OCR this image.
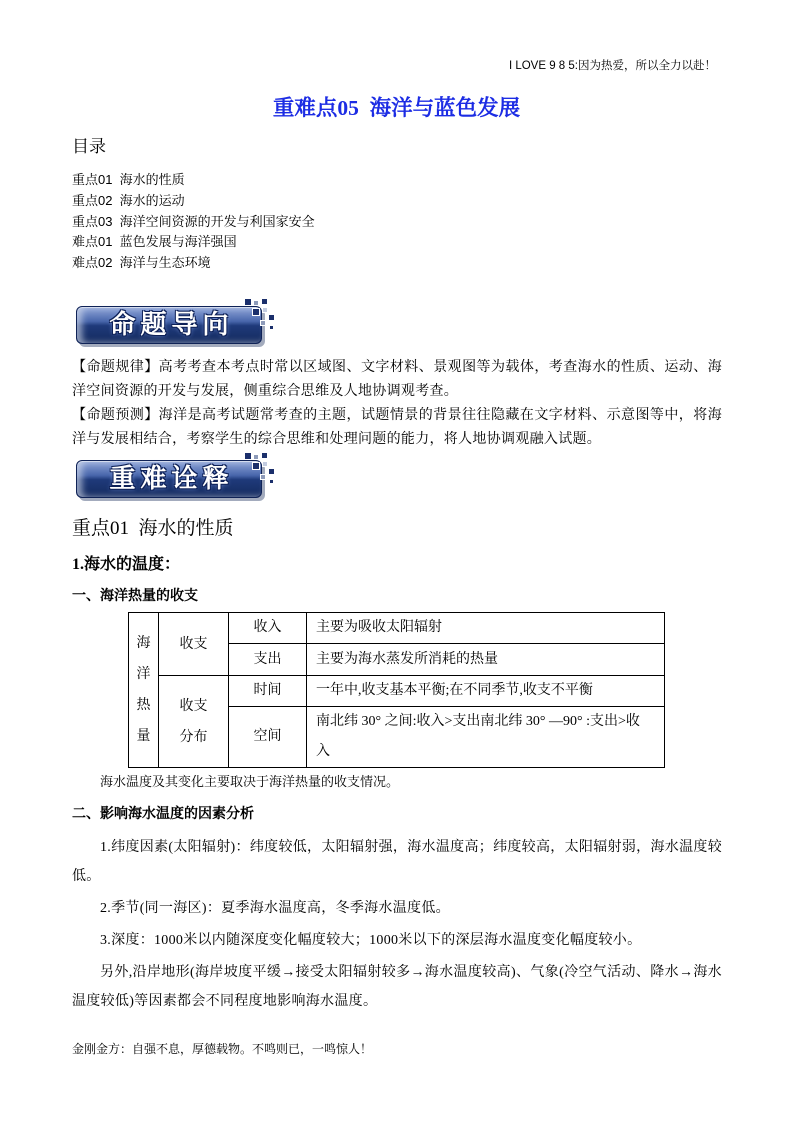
I LOVE 9 8 5:因为热爱，所以全力以赴！
重难点05  海洋与蓝色发展
目录
重点01  海水的性质
重点02  海水的运动
重点03  海洋空间资源的开发与利国家安全
难点01  蓝色发展与海洋强国
难点02  海洋与生态环境
命题导向

【命题规律】高考考查本考点时常以区域图、文字材料、景观图等为载体，考查海水的性质、运动、海洋空间资源的开发与发展，侧重综合思维及人地协调观考查。

【命题预测】海洋是高考试题常考查的主题，试题情景的背景往往隐藏在文字材料、示意图等中，将海洋与发展相结合，考察学生的综合思维和处理问题的能力，将人地协调观融入试题。

重难诠释
重点01  海水的性质
1.海水的温度：
一、海洋热量的收支
海洋热量	收支	收入	主要为吸收太阳辐射
		支出	主要为海水蒸发所消耗的热量

	收支分布	时间	一年中,收支基本平衡;在不同季节,收支不平衡
		空间	南北纬 30° 之间:收入>支出南北纬 30° —90° :支出>收入
海水温度及其变化主要取决于海洋热量的收支情况。
二、影响海水温度的因素分析

1.纬度因素(太阳辐射)：纬度较低，太阳辐射强，海水温度高；纬度较高，太阳辐射弱，海水温度较低。

2.季节(同一海区)：夏季海水温度高，冬季海水温度低。

3.深度：1000米以内随深度变化幅度较大；1000米以下的深层海水温度变化幅度较小。

另外,沿岸地形(海岸坡度平缓→接受太阳辐射较多→海水温度较高)、气象(冷空气活动、降水→海水温度较低)等因素都会不同程度地影响海水温度。

金刚金方：自强不息，厚德载物。不鸣则已，一鸣惊人！
